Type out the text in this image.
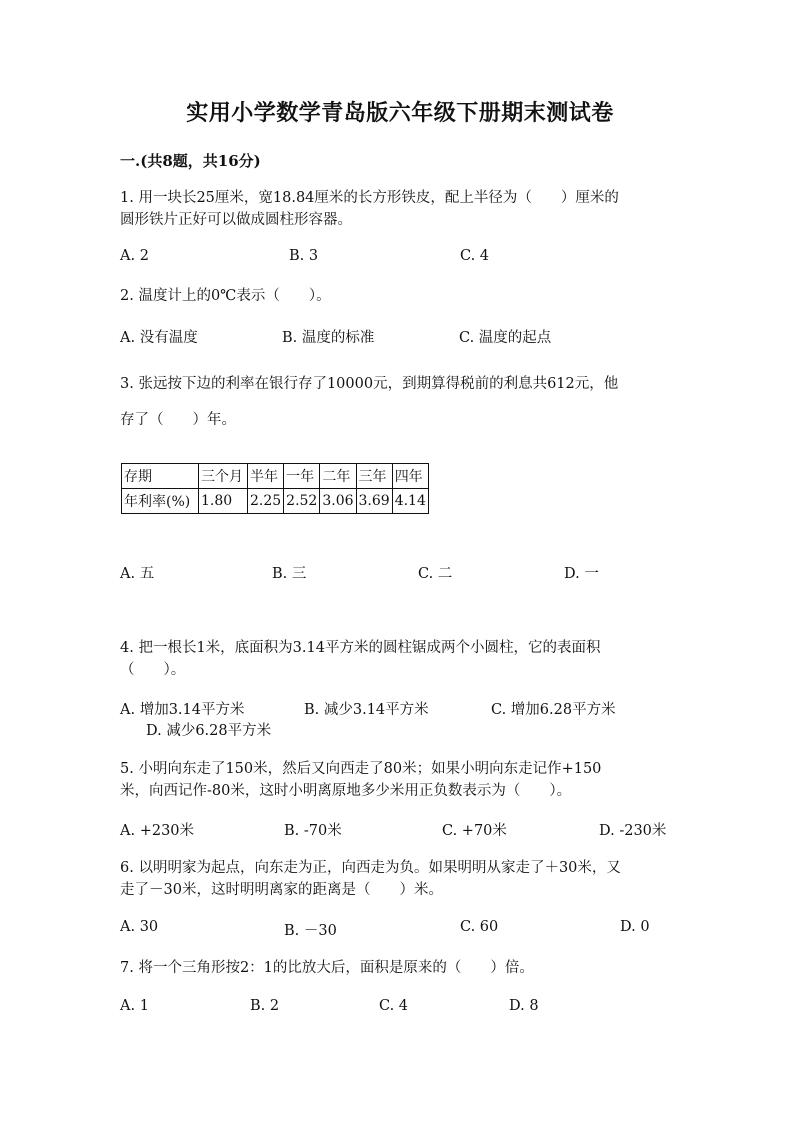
实用小学数学青岛版六年级下册期末测试卷
一.(共8题，共16分)
1. 用一块长25厘米，宽18.84厘米的长方形铁皮，配上半径为（　　）厘米的
圆形铁片正好可以做成圆柱形容器。
A. 2	B. 3	C. 4
2. 温度计上的0℃表示（　　）。
A. 没有温度	B. 温度的标准	C. 温度的起点
3. 张远按下边的利率在银行存了10000元，到期算得税前的利息共612元，他
存了（　　）年。
存期	三个月	半年	一年	二年	三年	四年
年利率(%)	1.80	2.25	2.52	3.06	3.69	4.14
A. 五	B. 三	C. 二	D. 一
4. 把一根长1米，底面积为3.14平方米的圆柱锯成两个小圆柱，它的表面积
（　　）。
A. 增加3.14平方米	B. 减少3.14平方米	C. 增加6.28平方米
D. 减少6.28平方米
5. 小明向东走了150米，然后又向西走了80米；如果小明向东走记作+150
米，向西记作-80米，这时小明离原地多少米用正负数表示为（　　）。
A. +230米	B. -70米	C. +70米	D. -230米
6. 以明明家为起点，向东走为正，向西走为负。如果明明从家走了＋30米，又
走了－30米，这时明明离家的距离是（　　）米。
A. 30	B. －30	C. 60	D. 0
7. 将一个三角形按2：1的比放大后，面积是原来的（　　）倍。
A. 1	B. 2	C. 4	D. 8
